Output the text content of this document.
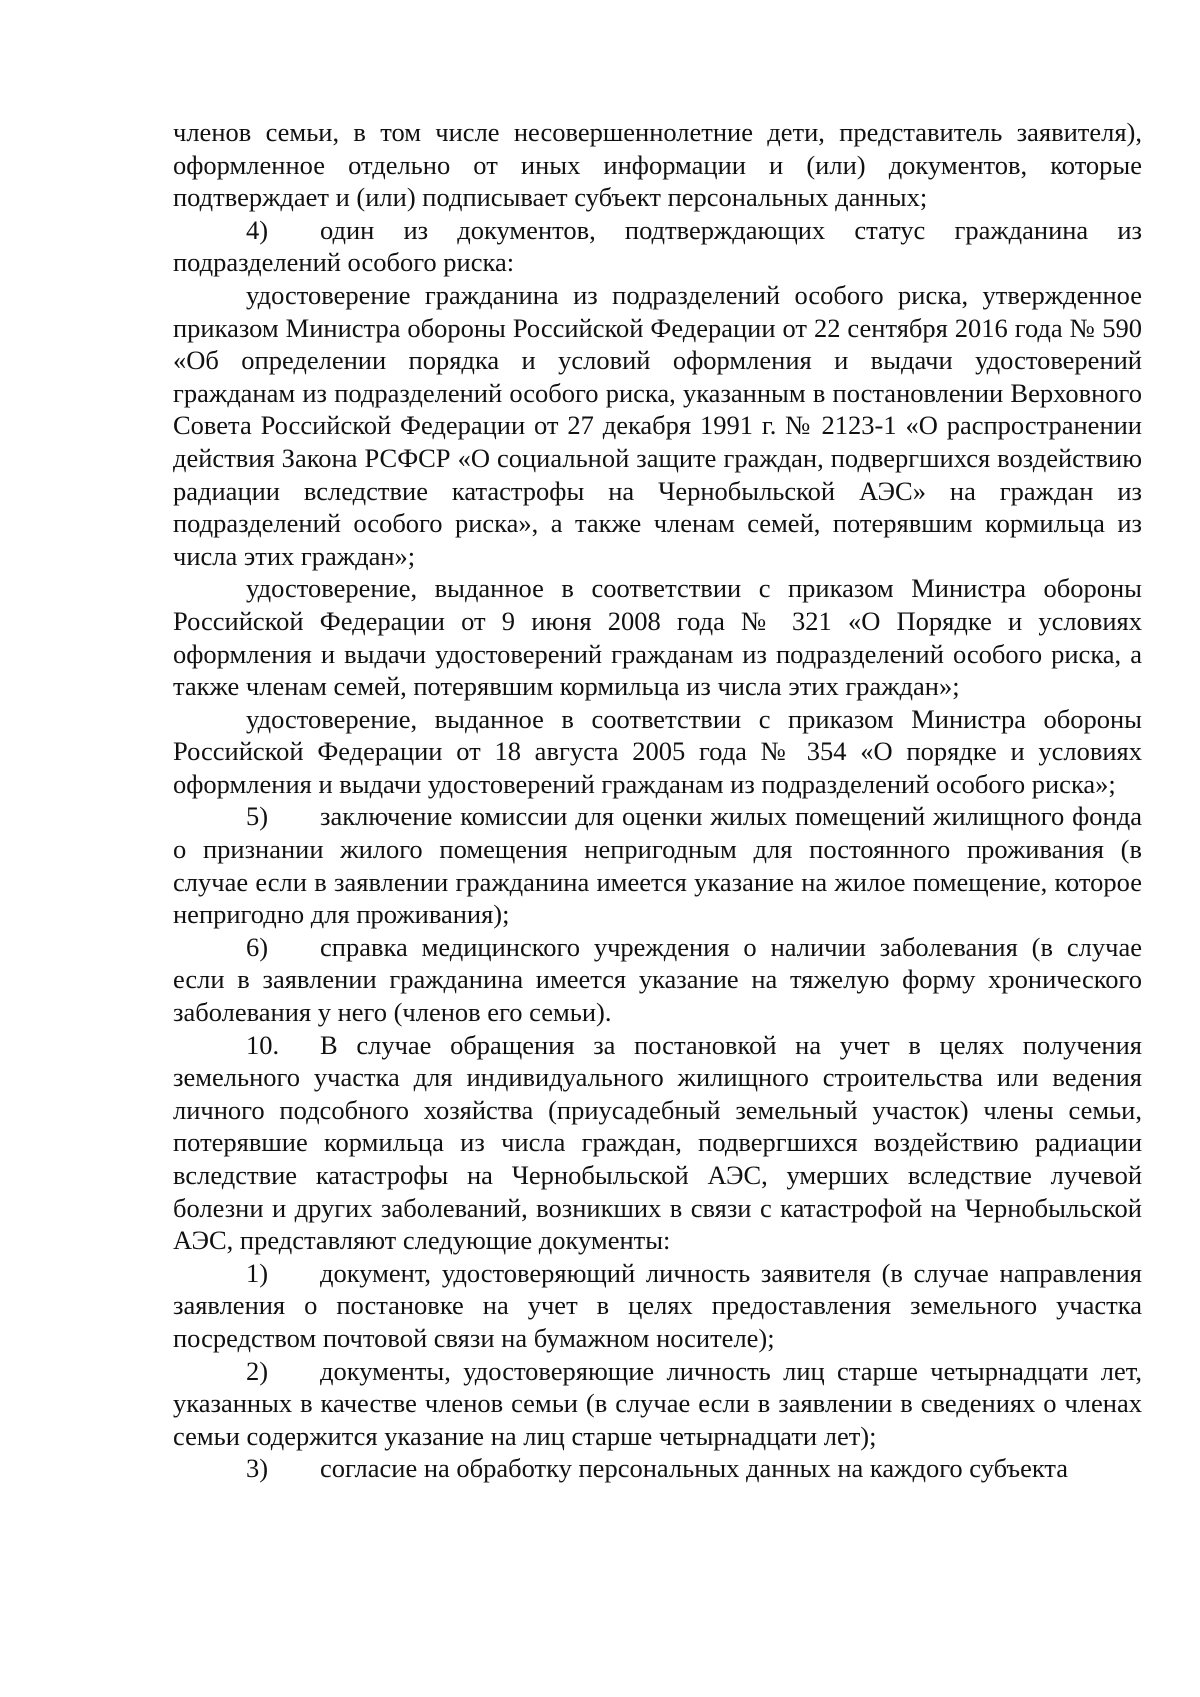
членов семьи, в том числе несовершеннолетние дети, представитель заявителя), оформленное отдельно от иных информации и (или) документов, которые подтверждает и (или) подписывает субъект персональных данных;

4) один из документов, подтверждающих статус гражданина из подразделений особого риска:

удостоверение гражданина из подразделений особого риска, утвержденное приказом Министра обороны Российской Федерации от 22 сентября 2016 года № 590 «Об определении порядка и условий оформления и выдачи удостоверений гражданам из подразделений особого риска, указанным в постановлении Верховного Совета Российской Федерации от 27 декабря 1991 г. № 2123-1 «О распространении действия Закона РСФСР «О социальной защите граждан, подвергшихся воздействию радиации вследствие катастрофы на Чернобыльской АЭС» на граждан из подразделений особого риска», а также членам семей, потерявшим кормильца из числа этих граждан»;

удостоверение, выданное в соответствии с приказом Министра обороны Российской Федерации от 9 июня 2008 года № 321 «О Порядке и условиях оформления и выдачи удостоверений гражданам из подразделений особого риска, а также членам семей, потерявшим кормильца из числа этих граждан»;

удостоверение, выданное в соответствии с приказом Министра обороны Российской Федерации от 18 августа 2005 года № 354 «О порядке и условиях оформления и выдачи удостоверений гражданам из подразделений особого риска»;

5) заключение комиссии для оценки жилых помещений жилищного фонда о признании жилого помещения непригодным для постоянного проживания (в случае если в заявлении гражданина имеется указание на жилое помещение, которое непригодно для проживания);

6) справка медицинского учреждения о наличии заболевания (в случае если в заявлении гражданина имеется указание на тяжелую форму хронического заболевания у него (членов его семьи).

10. В случае обращения за постановкой на учет в целях получения земельного участка для индивидуального жилищного строительства или ведения личного подсобного хозяйства (приусадебный земельный участок) члены семьи, потерявшие кормильца из числа граждан, подвергшихся воздействию радиации вследствие катастрофы на Чернобыльской АЭС, умерших вследствие лучевой болезни и других заболеваний, возникших в связи с катастрофой на Чернобыльской АЭС, представляют следующие документы:

1) документ, удостоверяющий личность заявителя (в случае направления заявления о постановке на учет в целях предоставления земельного участка посредством почтовой связи на бумажном носителе);

2) документы, удостоверяющие личность лиц старше четырнадцати лет, указанных в качестве членов семьи (в случае если в заявлении в сведениях о членах семьи содержится указание на лиц старше четырнадцати лет);

3) согласие на обработку персональных данных на каждого субъекта
